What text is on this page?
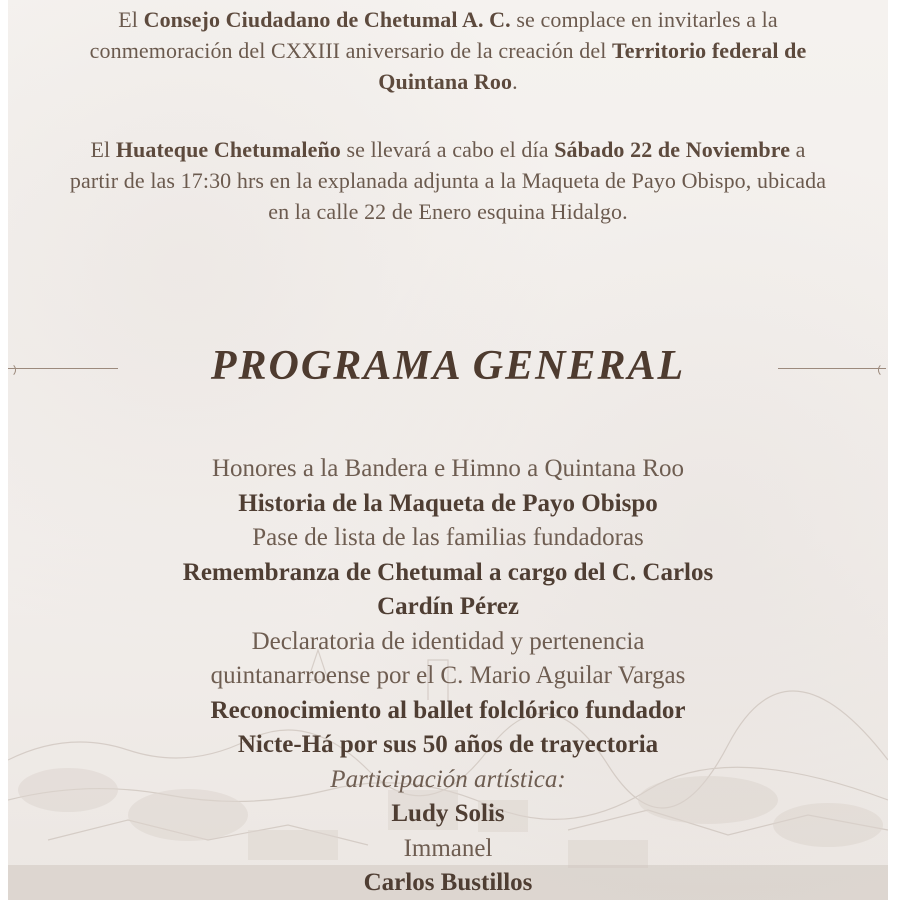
El Consejo Ciudadano de Chetumal A. C. se complace en invitarles a la conmemoración del CXXIII aniversario de la creación del Territorio federal de Quintana Roo.

El Huateque Chetumaleño se llevará a cabo el día Sábado 22 de Noviembre a partir de las 17:30 hrs en la explanada adjunta a la Maqueta de Payo Obispo, ubicada en la calle 22 de Enero esquina Hidalgo.

PROGRAMA GENERAL
Honores a la Bandera e Himno a Quintana Roo
Historia de la Maqueta de Payo Obispo
Pase de lista de las familias fundadoras
Remembranza de Chetumal a cargo del C. Carlos
Cardín Pérez
Declaratoria de identidad y pertenencia
quintanarroense por el C. Mario Aguilar Vargas
Reconocimiento al ballet folclórico fundador
Nicte-Há por sus 50 años de trayectoria
Participación artística:
Ludy Solis
Immanel
Carlos Bustillos
